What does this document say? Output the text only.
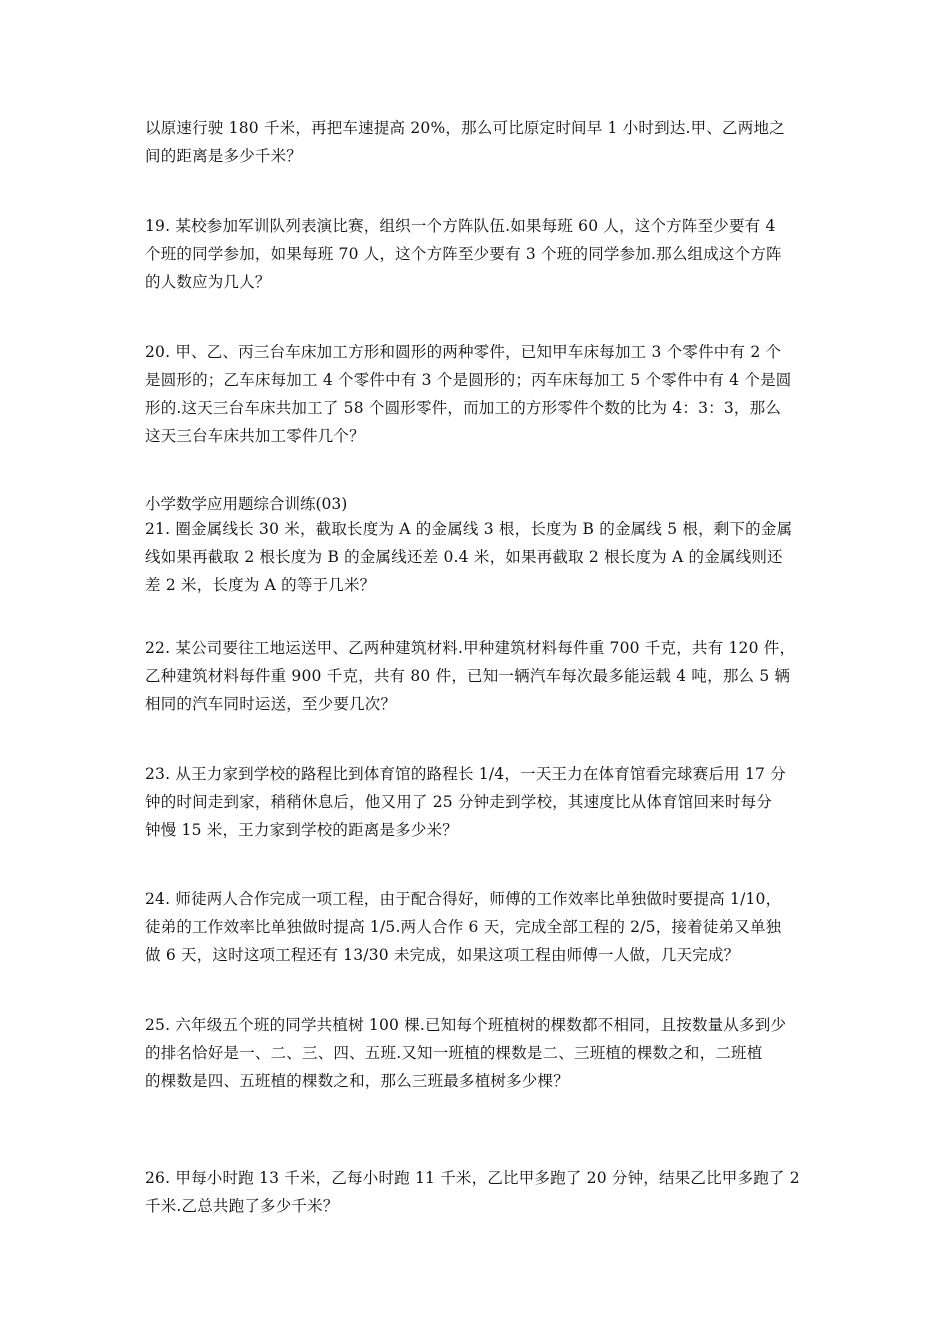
以原速行驶 180 千米，再把车速提高 20%，那么可比原定时间早 1 小时到达.甲、乙两地之
间的距离是多少千米？
19. 某校参加军训队列表演比赛，组织一个方阵队伍.如果每班 60 人，这个方阵至少要有 4
个班的同学参加，如果每班 70 人，这个方阵至少要有 3 个班的同学参加.那么组成这个方阵
的人数应为几人？
20. 甲、乙、丙三台车床加工方形和圆形的两种零件，已知甲车床每加工 3 个零件中有 2 个
是圆形的；乙车床每加工 4 个零件中有 3 个是圆形的；丙车床每加工 5 个零件中有 4 个是圆
形的.这天三台车床共加工了 58 个圆形零件，而加工的方形零件个数的比为 4：3：3，那么
这天三台车床共加工零件几个？
小学数学应用题综合训练(03)
21. 圈金属线长 30 米，截取长度为 A 的金属线 3 根，长度为 B 的金属线 5 根，剩下的金属
线如果再截取 2 根长度为 B 的金属线还差 0.4 米，如果再截取 2 根长度为 A 的金属线则还
差 2 米，长度为 A 的等于几米？
22. 某公司要往工地运送甲、乙两种建筑材料.甲种建筑材料每件重 700 千克，共有 120 件，
乙种建筑材料每件重 900 千克，共有 80 件，已知一辆汽车每次最多能运载 4 吨，那么 5 辆
相同的汽车同时运送，至少要几次？
23. 从王力家到学校的路程比到体育馆的路程长 1/4，一天王力在体育馆看完球赛后用 17 分
钟的时间走到家，稍稍休息后，他又用了 25 分钟走到学校，其速度比从体育馆回来时每分
钟慢 15 米，王力家到学校的距离是多少米？
24. 师徒两人合作完成一项工程，由于配合得好，师傅的工作效率比单独做时要提高 1/10，
徒弟的工作效率比单独做时提高 1/5.两人合作 6 天，完成全部工程的 2/5，接着徒弟又单独
做 6 天，这时这项工程还有 13/30 未完成，如果这项工程由师傅一人做，几天完成？
25. 六年级五个班的同学共植树 100 棵.已知每个班植树的棵数都不相同，且按数量从多到少
的排名恰好是一、二、三、四、五班.又知一班植的棵数是二、三班植的棵数之和，二班植
的棵数是四、五班植的棵数之和，那么三班最多植树多少棵？
26. 甲每小时跑 13 千米，乙每小时跑 11 千米，乙比甲多跑了 20 分钟，结果乙比甲多跑了 2
千米.乙总共跑了多少千米？
